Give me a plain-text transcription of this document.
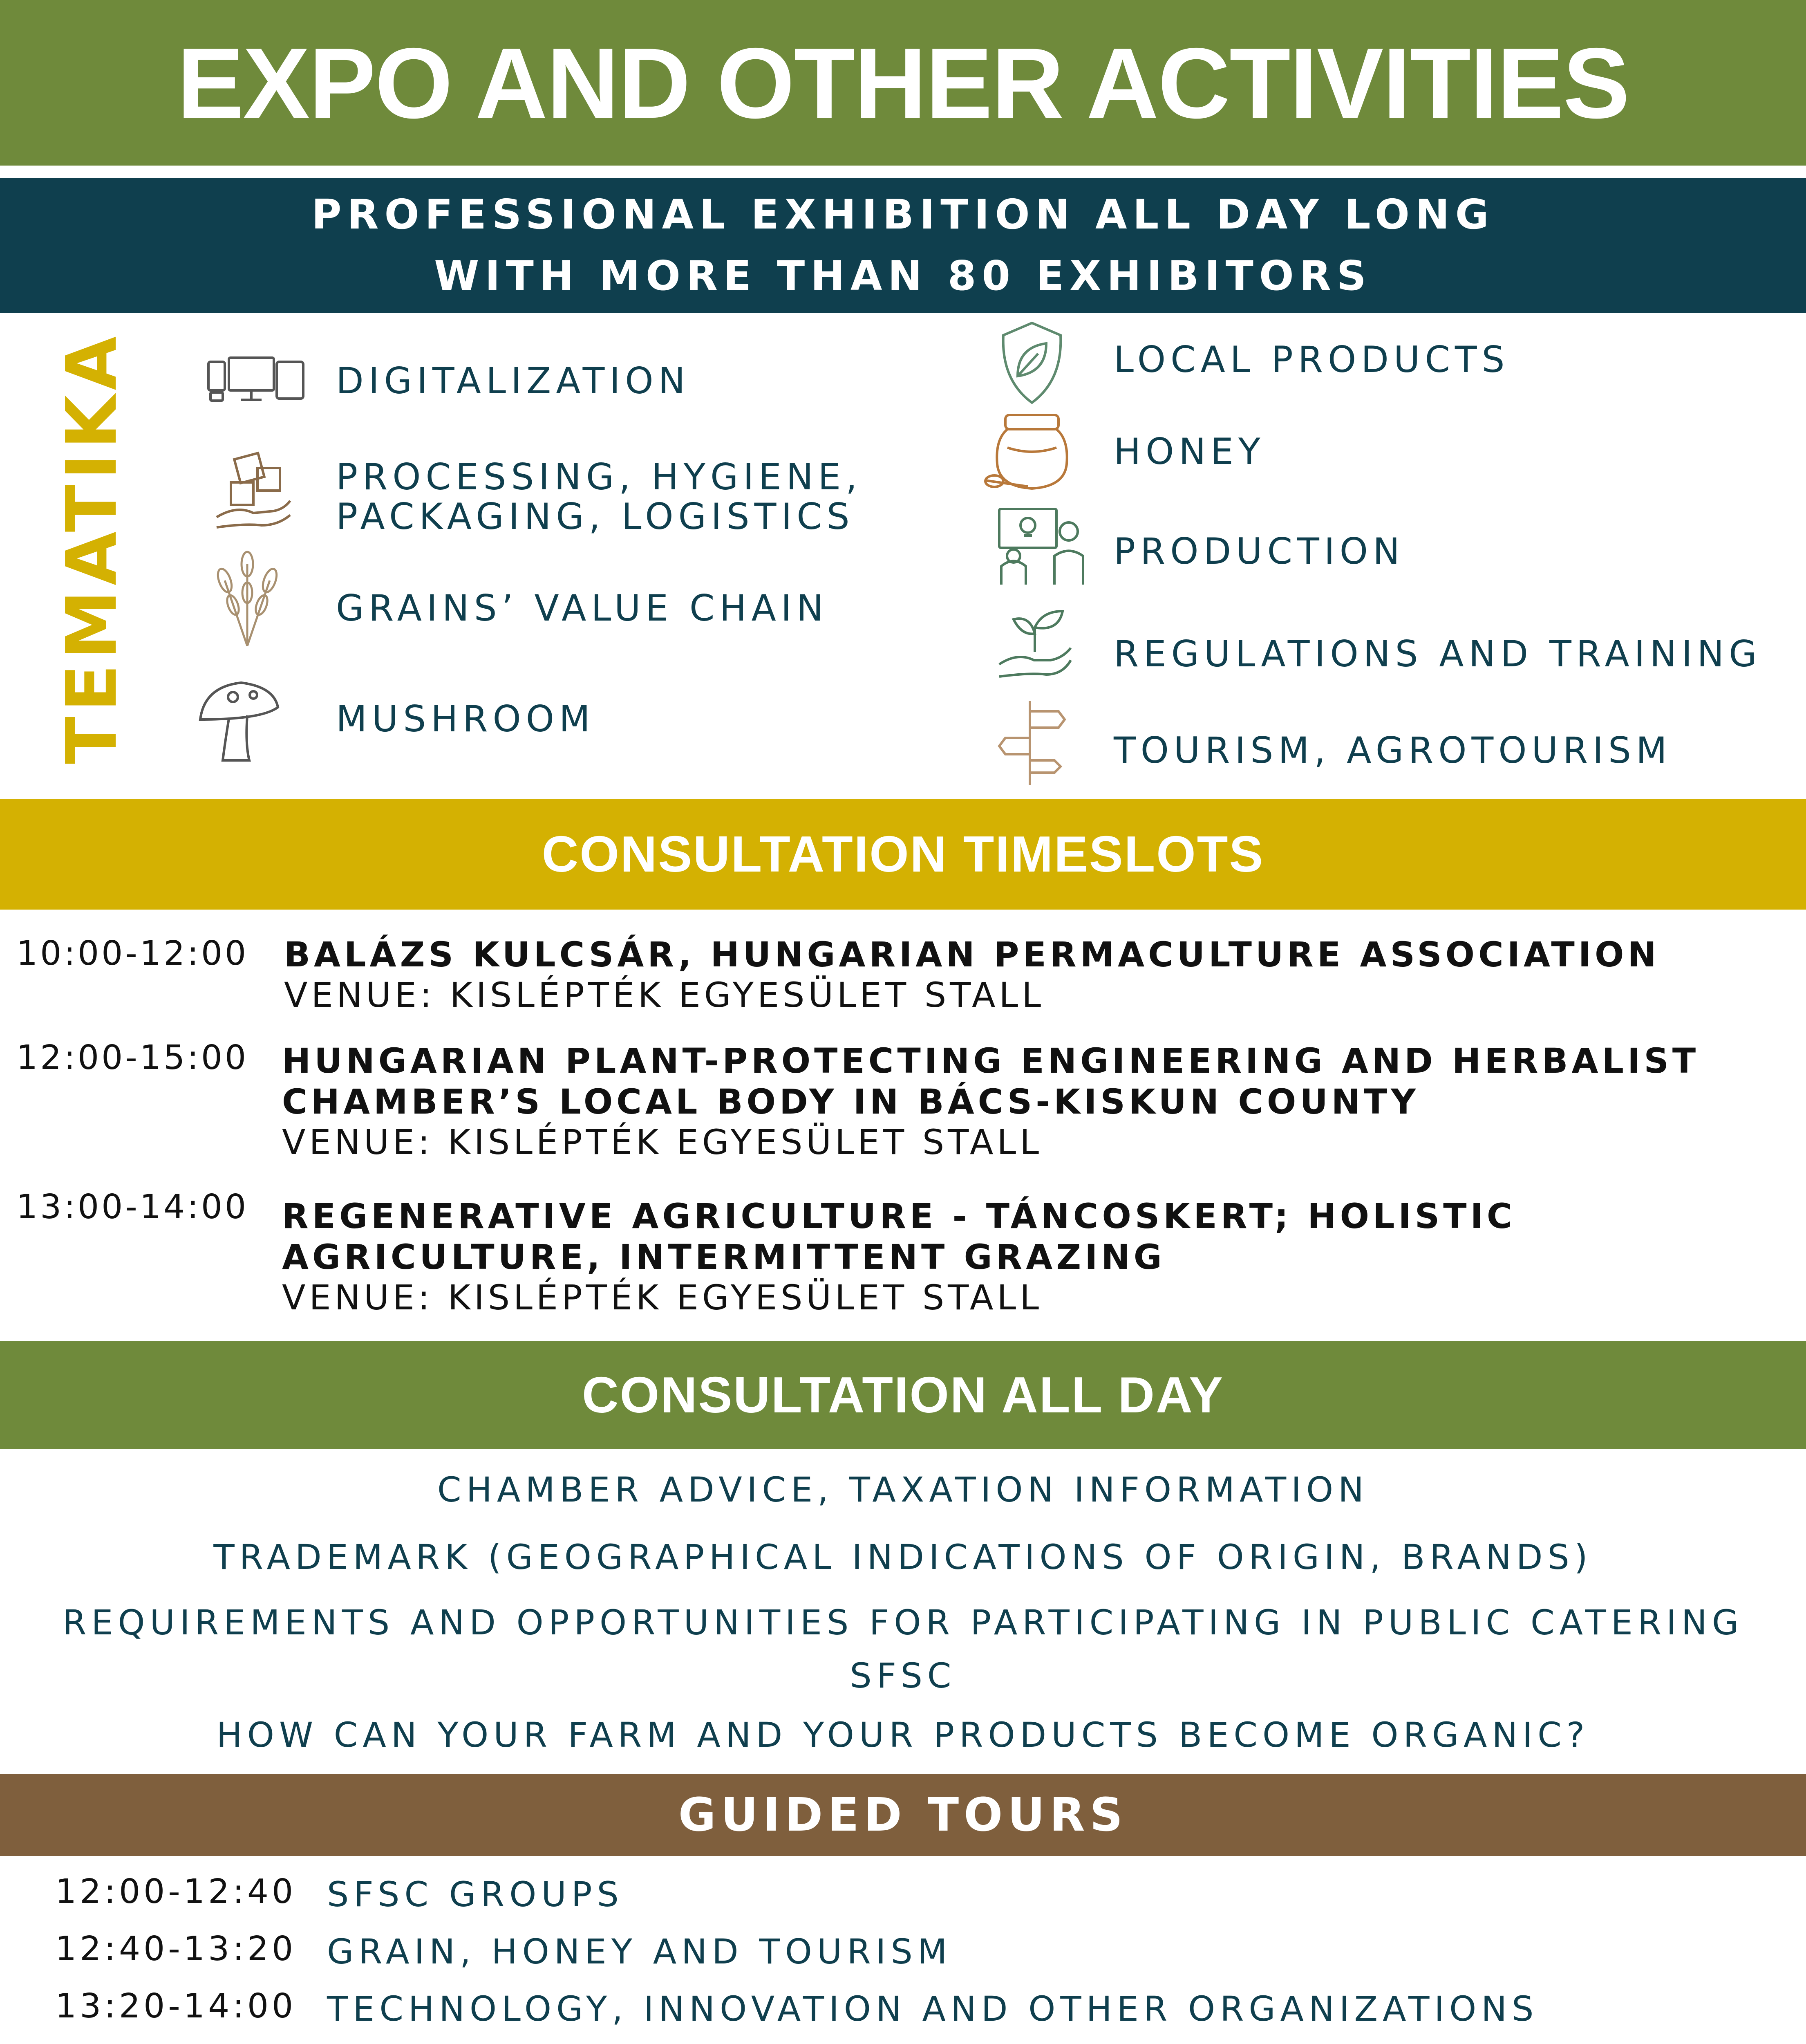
EXPO AND OTHER ACTIVITIES
PROFESSIONAL EXHIBITION ALL DAY LONG
WITH MORE THAN 80 EXHIBITORS
TEMATIKA	DIGITALIZATION
PROCESSING, HYGIENE,
PACKAGING, LOGISTICS
GRAINS’ VALUE CHAIN
MUSHROOM
LOCAL PRODUCTS
HONEY
PRODUCTION
REGULATIONS AND TRAINING
TOURISM, AGROTOURISM
CONSULTATION TIMESLOTS
10:00-12:00 BALÁZS KULCSÁR, HUNGARIAN PERMACULTURE ASSOCIATION
VENUE: KISLÉPTÉK EGYESÜLET STALL
12:00-15:00 HUNGARIAN PLANT-PROTECTING ENGINEERING AND HERBALIST
CHAMBER’S LOCAL BODY IN BÁCS-KISKUN COUNTY
VENUE: KISLÉPTÉK EGYESÜLET STALL
13:00-14:00 REGENERATIVE AGRICULTURE - TÁNCOSKERT; HOLISTIC
AGRICULTURE, INTERMITTENT GRAZING
VENUE: KISLÉPTÉK EGYESÜLET STALL
CONSULTATION ALL DAY
CHAMBER ADVICE, TAXATION INFORMATION
TRADEMARK (GEOGRAPHICAL INDICATIONS OF ORIGIN, BRANDS)
REQUIREMENTS AND OPPORTUNITIES FOR PARTICIPATING IN PUBLIC CATERING
SFSC
HOW CAN YOUR FARM AND YOUR PRODUCTS BECOME ORGANIC?
GUIDED TOURS
12:00-12:40 SFSC GROUPS
12:40-13:20 GRAIN, HONEY AND TOURISM
13:20-14:00 TECHNOLOGY, INNOVATION AND OTHER ORGANIZATIONS
